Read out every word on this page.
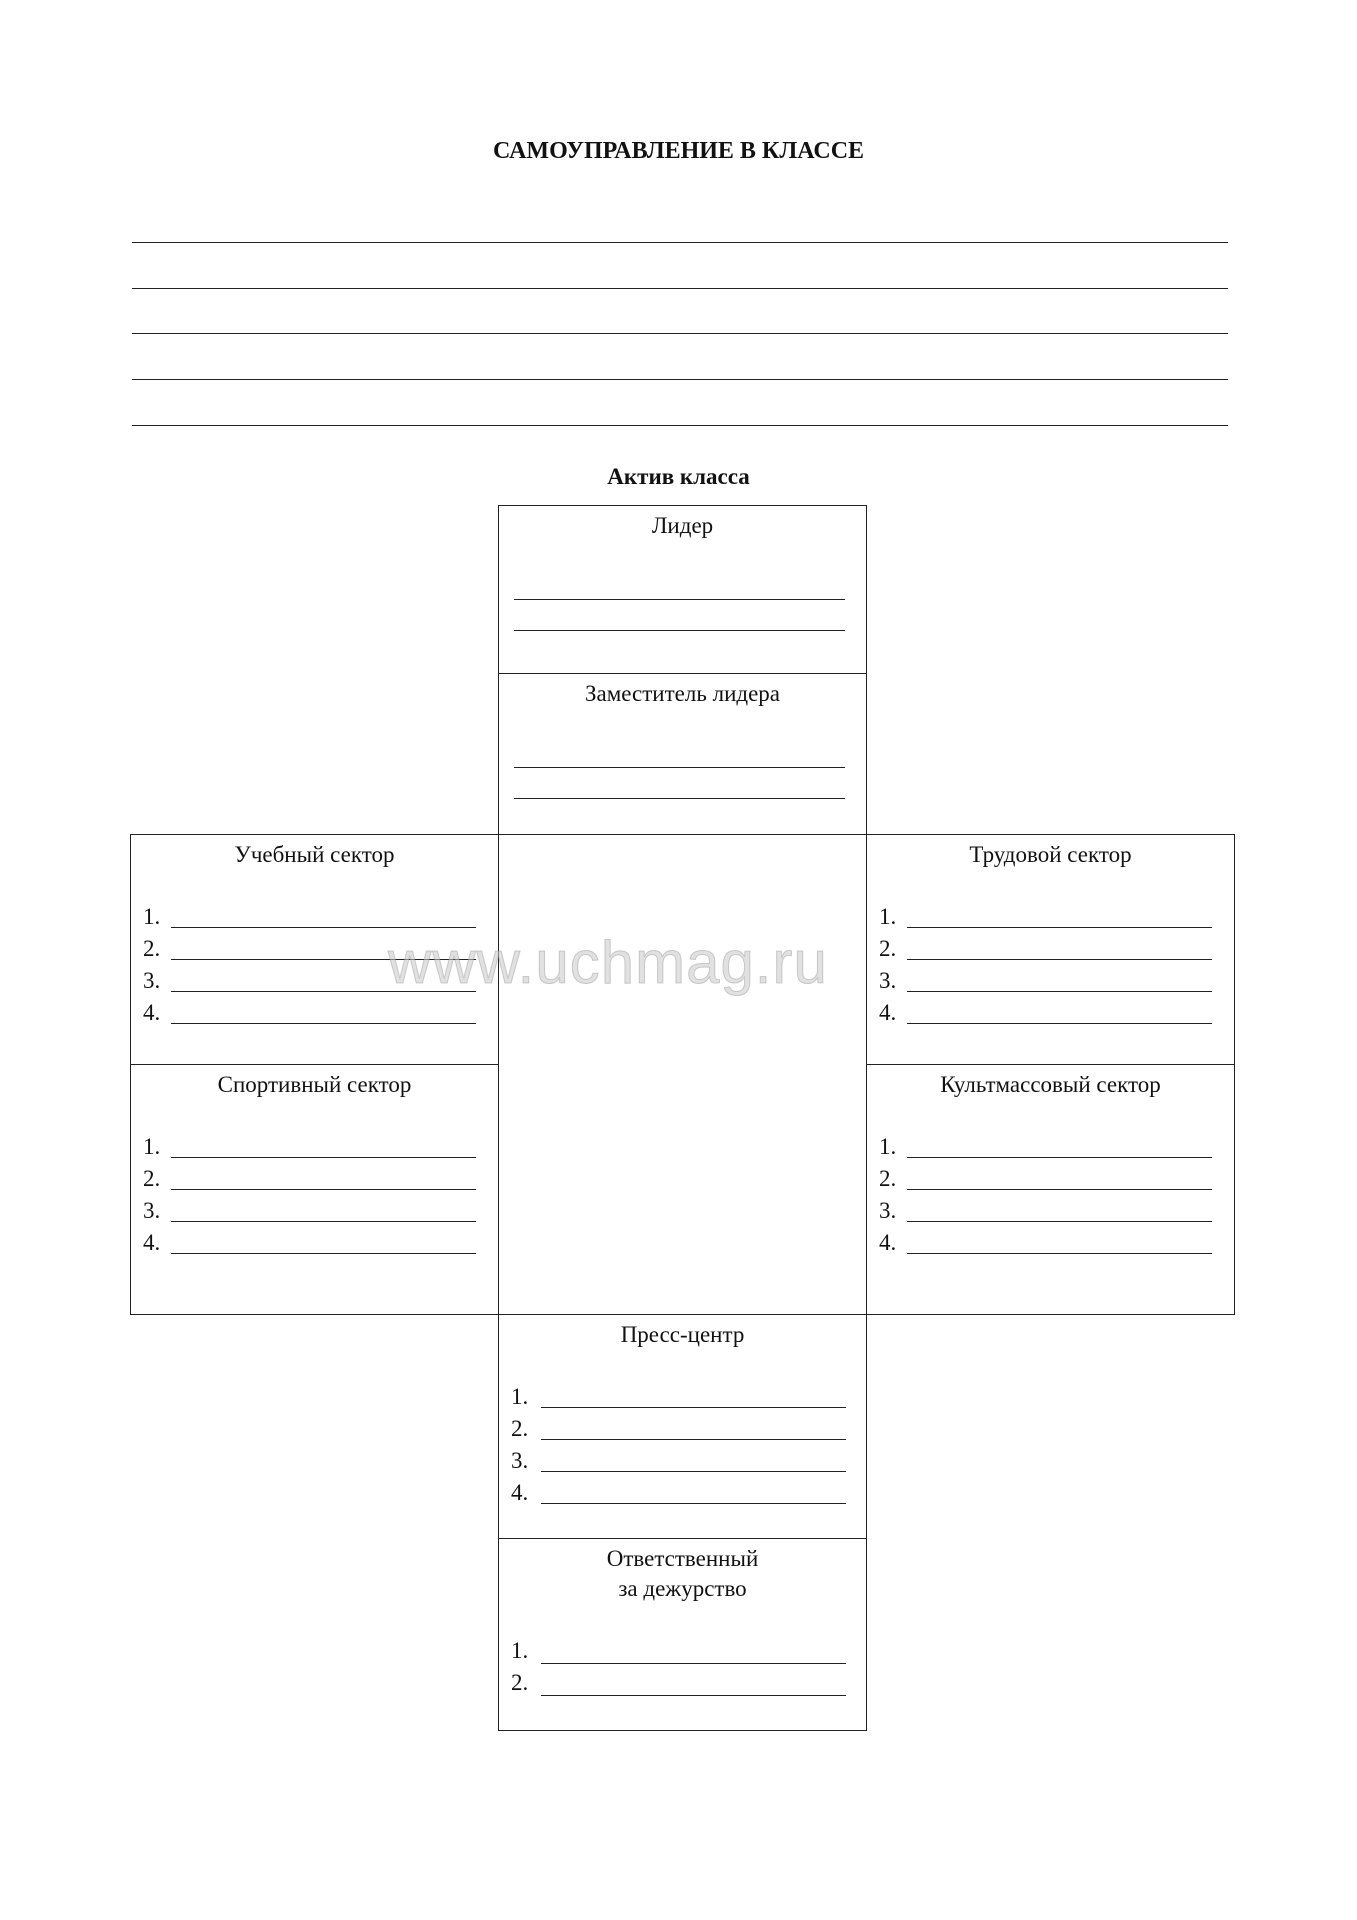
САМОУПРАВЛЕНИЕ В КЛАССЕ
Актив класса
Лидер
Заместитель лидера
Учебный сектор
1.
2.
3.
4.
Трудовой сектор
1.
2.
3.
4.
Спортивный сектор
1.
2.
3.
4.
Культмассовый сектор
1.
2.
3.
4.
Пресс-центр
1.
2.
3.
4.
Ответственный
за дежурство
1.
2.
www.uchmag.ru
